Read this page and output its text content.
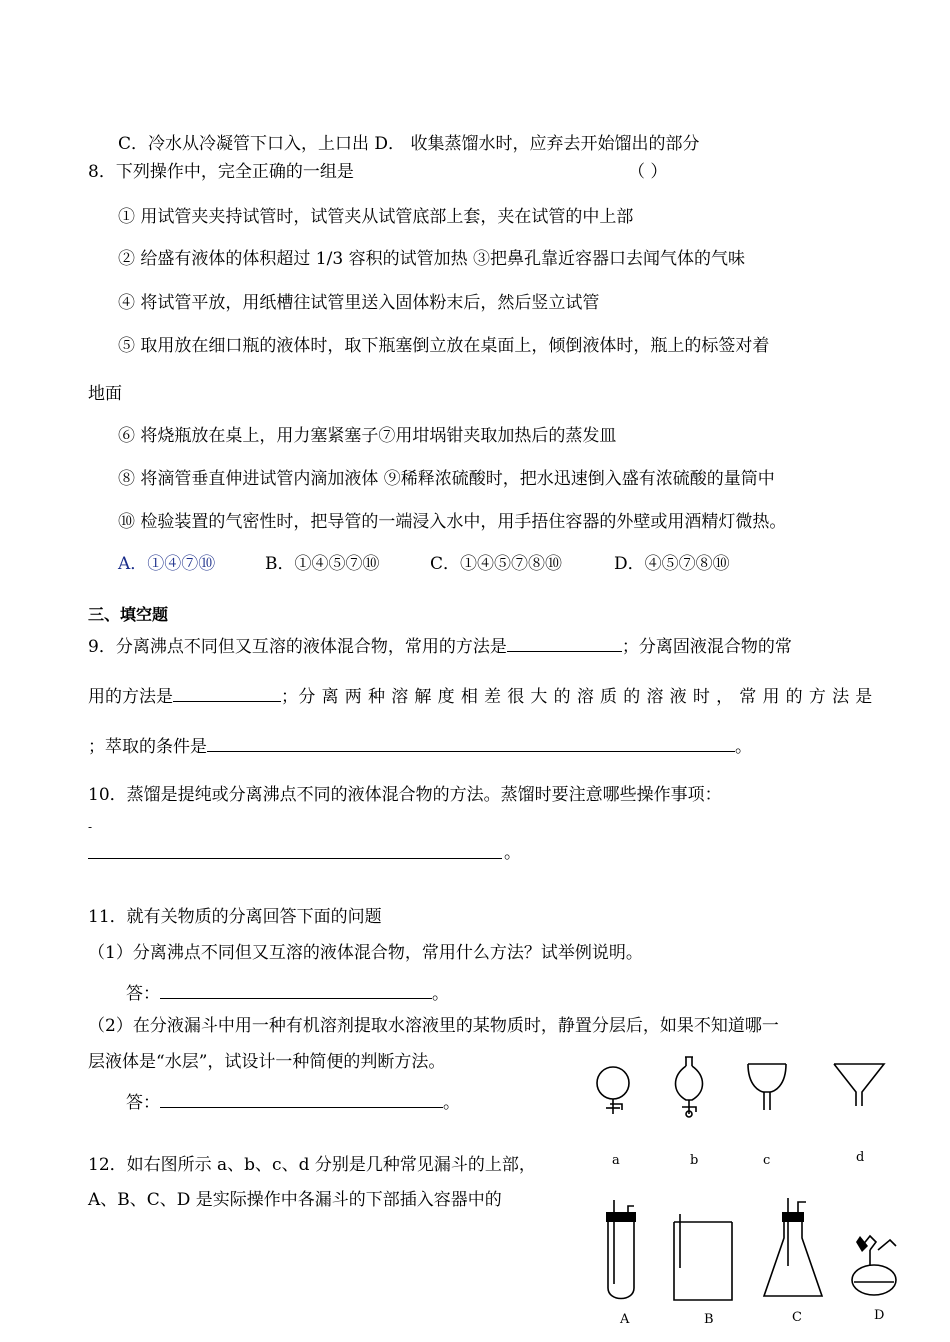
C．冷水从冷凝管下口入，上口出 D． 收集蒸馏水时，应弃去开始馏出的部分
8．下列操作中，完全正确的一组是	（ ）
① 用试管夹夹持试管时，试管夹从试管底部上套，夹在试管的中上部
② 给盛有液体的体积超过 1/3 容积的试管加热 ③把鼻孔靠近容器口去闻气体的气味
④ 将试管平放，用纸槽往试管里送入固体粉末后，然后竖立试管
⑤ 取用放在细口瓶的液体时，取下瓶塞倒立放在桌面上，倾倒液体时，瓶上的标签对着
地面
⑥ 将烧瓶放在桌上，用力塞紧塞子⑦用坩埚钳夹取加热后的蒸发皿
⑧ 将滴管垂直伸进试管内滴加液体 ⑨稀释浓硫酸时，把水迅速倒入盛有浓硫酸的量筒中
⑩ 检验装置的气密性时，把导管的一端浸入水中，用手捂住容器的外壁或用酒精灯微热。
A．①④⑦⑩	B．①④⑤⑦⑩	C．①④⑤⑦⑧⑩	D．④⑤⑦⑧⑩
三、填空题
9．分离沸点不同但又互溶的液体混合物，常用的方法是	；分离固液混合物的常
用的方法是	；分 离 两 种 溶 解 度 相 差 很 大 的 溶 质 的 溶 液 时 ， 常 用 的 方 法 是
；萃取的条件是	。
10．蒸馏是提纯或分离沸点不同的液体混合物的方法。蒸馏时要注意哪些操作事项：
-
。
11．就有关物质的分离回答下面的问题
（1）分离沸点不同但又互溶的液体混合物，常用什么方法？试举例说明。
答：	。
（2）在分液漏斗中用一种有机溶剂提取水溶液里的某物质时，静置分层后，如果不知道哪一
层液体是“水层”，试设计一种简便的判断方法。
答：	。
12．如右图所示 a、b、c、d 分别是几种常见漏斗的上部，
A、B、C、D 是实际操作中各漏斗的下部插入容器中的
a	b	c	d
A	B	C	D
